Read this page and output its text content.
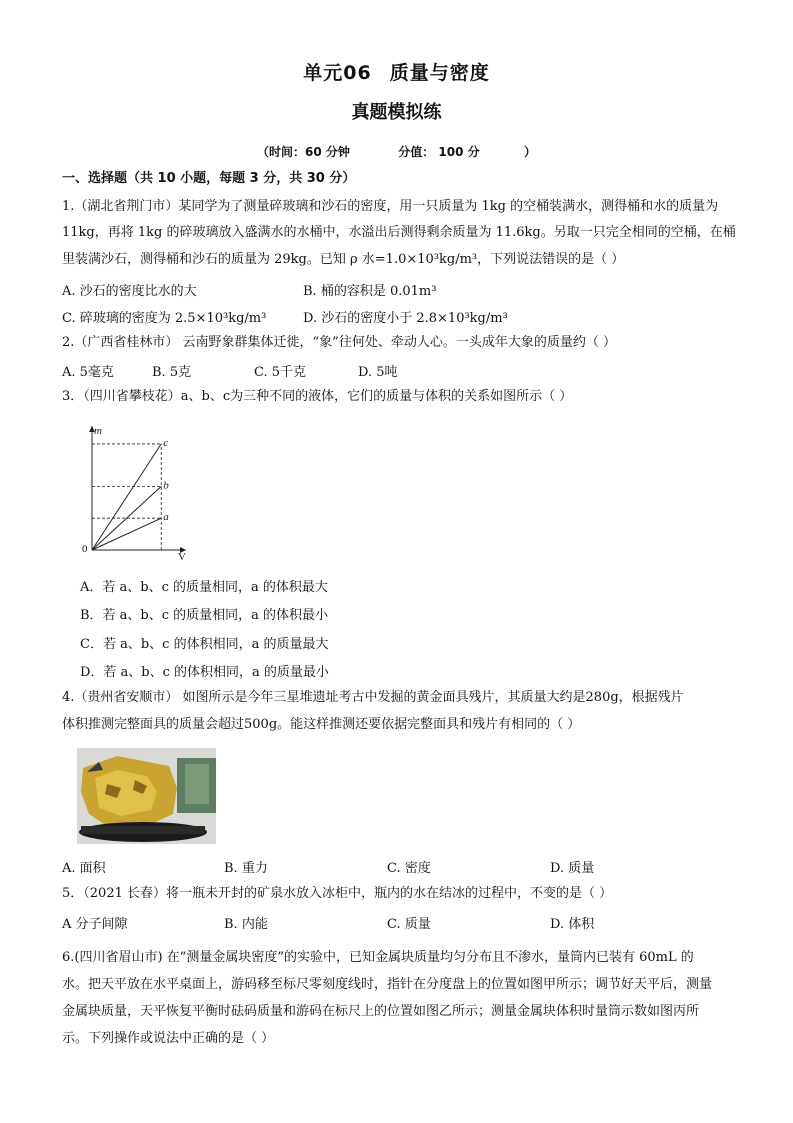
单元06 质量与密度
真题模拟练
（时间：60 分钟	分值： 100 分	）
一、选择题（共 10 小题，每题 3 分，共 30 分）
1.（湖北省荆门市）某同学为了测量碎玻璃和沙石的密度，用一只质量为 1kg 的空桶装满水，测得桶和水的质量为
11kg，再将 1kg 的碎玻璃放入盛满水的水桶中，水溢出后测得剩余质量为 11.6kg。另取一只完全相同的空桶，在桶
里装满沙石，测得桶和沙石的质量为 29kg。已知 ρ 水=1.0×10³kg/m³，下列说法错误的是（ ）
A. 沙石的密度比水的大	B. 桶的容积是 0.01m³
C. 碎玻璃的密度为 2.5×10³kg/m³	D. 沙石的密度小于 2.8×10³kg/m³
2.（广西省桂林市） 云南野象群集体迁徙，“象”往何处、牵动人心。一头成年大象的质量约（ ）
A. 5毫克	B. 5克	C. 5千克	D. 5吨
3．（四川省攀枝花）a、b、c为三种不同的液体，它们的质量与体积的关系如图所示（ ）
m
V
0
a
b
c
A．若 a、b、c 的质量相同，a 的体积最大
B．若 a、b、c 的质量相同，a 的体积最小
C．若 a、b、c 的体积相同，a 的质量最大
D．若 a、b、c 的体积相同，a 的质量最小
4.（贵州省安顺市） 如图所示是今年三星堆遗址考古中发掘的黄金面具残片，其质量大约是280g，根据残片
体积推测完整面具的质量会超过500g。能这样推测还要依据完整面具和残片有相同的（ ）
A. 面积	B. 重力	C. 密度	D. 质量
5．（2021 长春）将一瓶未开封的矿泉水放入冰柜中，瓶内的水在结冰的过程中，不变的是（ ）
A 分子间隙	B. 内能	C. 质量	D. 体积
6.(四川省眉山市) 在“测量金属块密度”的实验中，已知金属块质量均匀分布且不渗水，量筒内已装有 60mL 的
水。把天平放在水平桌面上，游码移至标尺零刻度线时，指针在分度盘上的位置如图甲所示；调节好天平后，测量
金属块质量，天平恢复平衡时砝码质量和游码在标尺上的位置如图乙所示；测量金属块体积时量筒示数如图丙所
示。下列操作或说法中正确的是（ ）
